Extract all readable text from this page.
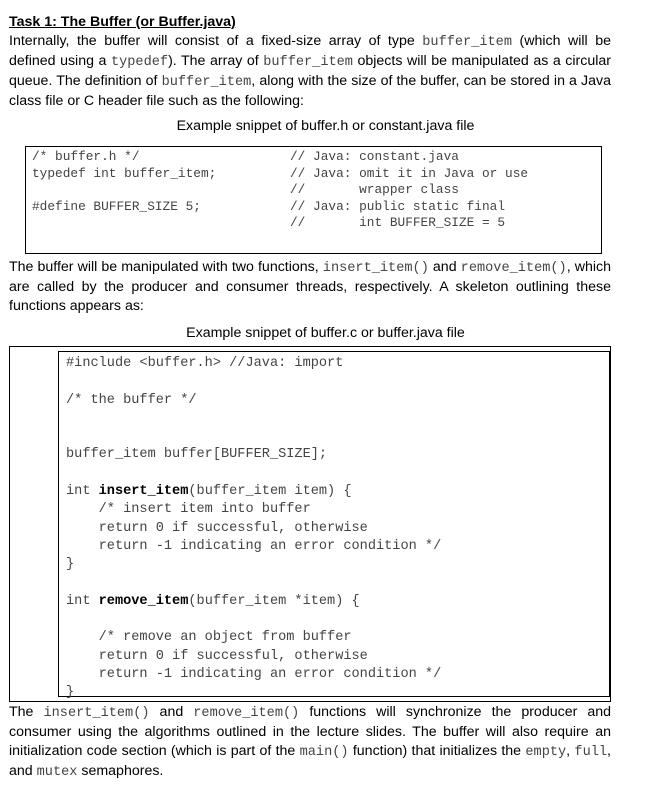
Task 1: The Buffer (or Buffer.java)

Internally, the buffer will consist of a fixed-size array of type buffer_item (which will be defined using a typedef). The array of buffer_item objects will be manipulated as a circular queue. The definition of buffer_item, along with the size of the buffer, can be stored in a Java class file or C header file such as the following:

Example snippet of buffer.h or constant.java file

/* buffer.h */
typedef int buffer_item;

#define BUFFER_SIZE 5;
// Java: constant.java
// Java: omit it in Java or use
//       wrapper class
// Java: public static final
//       int BUFFER_SIZE = 5

The buffer will be manipulated with two functions, insert_item() and remove_item(), which are called by the producer and consumer threads, respectively. A skeleton outlining these functions appears as:

Example snippet of buffer.c or buffer.java file

#include <buffer.h> //Java: import

/* the buffer */

buffer_item buffer[BUFFER_SIZE];

int insert_item(buffer_item item) {
/* insert item into buffer
return 0 if successful, otherwise
return -1 indicating an error condition */
}

int remove_item(buffer_item *item) {

/* remove an object from buffer
return 0 if successful, otherwise
return -1 indicating an error condition */
}

The insert_item() and remove_item() functions will synchronize the producer and consumer using the algorithms outlined in the lecture slides. The buffer will also require an initialization code section (which is part of the main() function) that initializes the empty, full, and mutex semaphores.
